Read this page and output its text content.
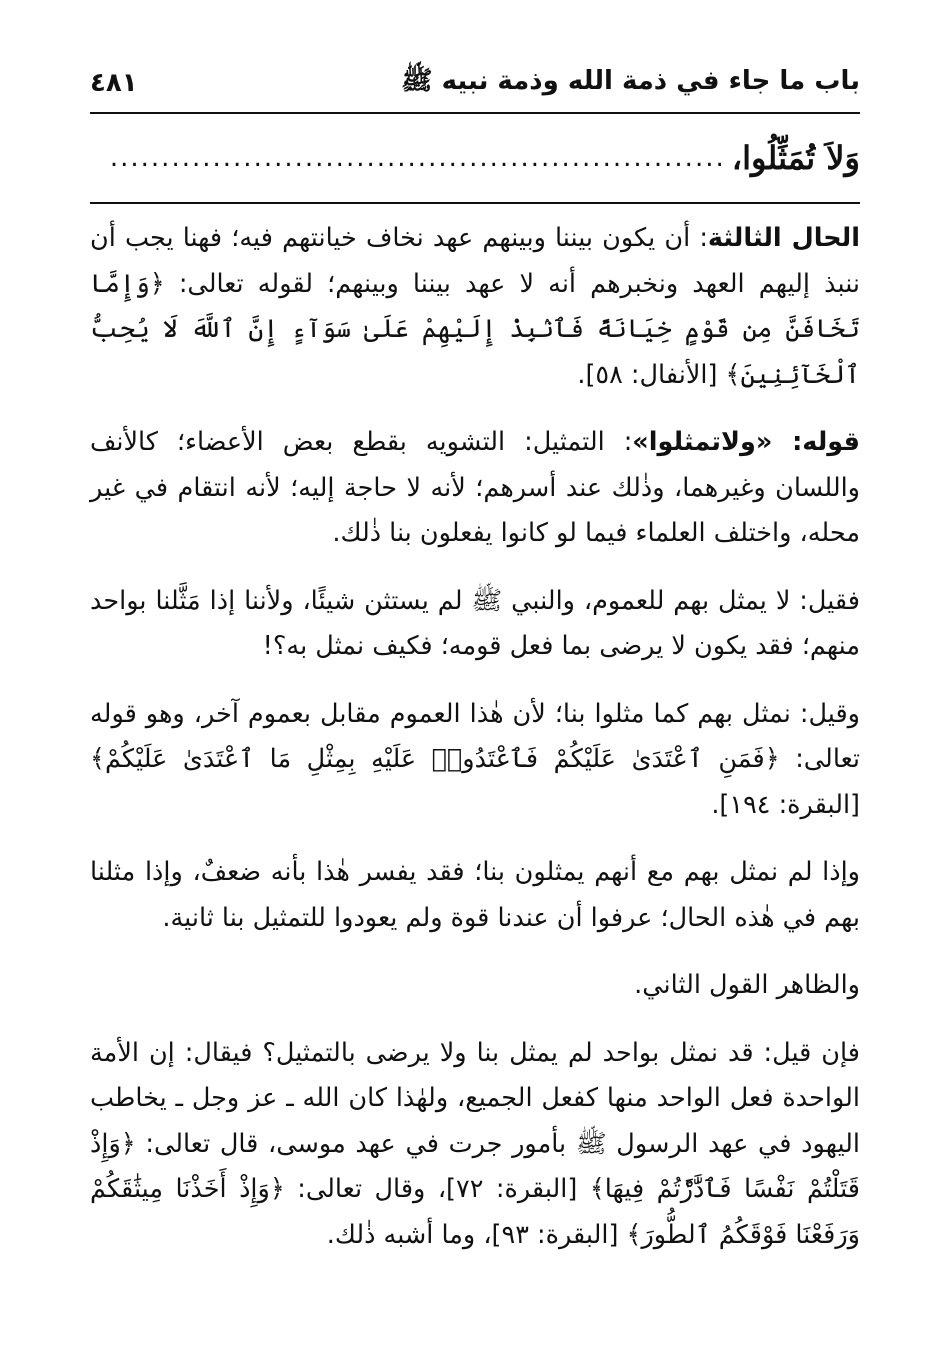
باب ما جاء في ذمة الله وذمة نبيه ﷺ
٤٨١
وَلاَ تُمَثِّلُوا،
............................................................

الحال الثالثة: أن يكون بيننا وبينهم عهد نخاف خيانتهم فيه؛ فهنا يجب أن ننبذ إليهم العهد ونخبرهم أنه لا عهد بيننا وبينهم؛ لقوله تعالى: ﴿وَإِمَّا تَخَافَنَّ مِن قَوْمٍ خِيَانَةً فَٱنۢبِذْ إِلَيْهِمْ عَلَىٰ سَوَآءٍ إِنَّ ٱللَّهَ لَا يُحِبُّ ٱلْخَآئِنِينَ﴾ [الأنفال: ٥٨].

قوله: «ولاتمثلوا»: التمثيل: التشويه بقطع بعض الأعضاء؛ كالأنف واللسان وغيرهما، وذٰلك عند أسرهم؛ لأنه لا حاجة إليه؛ لأنه انتقام في غير محله، واختلف العلماء فيما لو كانوا يفعلون بنا ذٰلك.

فقيل: لا يمثل بهم للعموم، والنبي ﷺ لم يستثن شيئًا، ولأننا إذا مَثَّلنا بواحد منهم؛ فقد يكون لا يرضى بما فعل قومه؛ فكيف نمثل به؟!

وقيل: نمثل بهم كما مثلوا بنا؛ لأن هٰذا العموم مقابل بعموم آخر، وهو قوله تعالى: ﴿فَمَنِ ٱعْتَدَىٰ عَلَيْكُمْ فَٱعْتَدُوا۟ عَلَيْهِ بِمِثْلِ مَا ٱعْتَدَىٰ عَلَيْكُمْ﴾ [البقرة: ١٩٤].

وإذا لم نمثل بهم مع أنهم يمثلون بنا؛ فقد يفسر هٰذا بأنه ضعفٌ، وإذا مثلنا بهم في هٰذه الحال؛ عرفوا أن عندنا قوة ولم يعودوا للتمثيل بنا ثانية.

والظاهر القول الثاني.

فإن قيل: قد نمثل بواحد لم يمثل بنا ولا يرضى بالتمثيل؟ فيقال: إن الأمة الواحدة فعل الواحد منها كفعل الجميع، ولهٰذا كان الله ـ عز وجل ـ يخاطب اليهود في عهد الرسول ﷺ بأمور جرت في عهد موسى، قال تعالى: ﴿وَإِذْ قَتَلْتُمْ نَفْسًا فَٱدَّٰرَْٔتُمْ فِيهَا﴾ [البقرة: ٧٢]، وقال تعالى: ﴿وَإِذْ أَخَذْنَا مِيثَٰقَكُمْ وَرَفَعْنَا فَوْقَكُمُ ٱلطُّورَ﴾ [البقرة: ٩٣]، وما أشبه ذٰلك.
